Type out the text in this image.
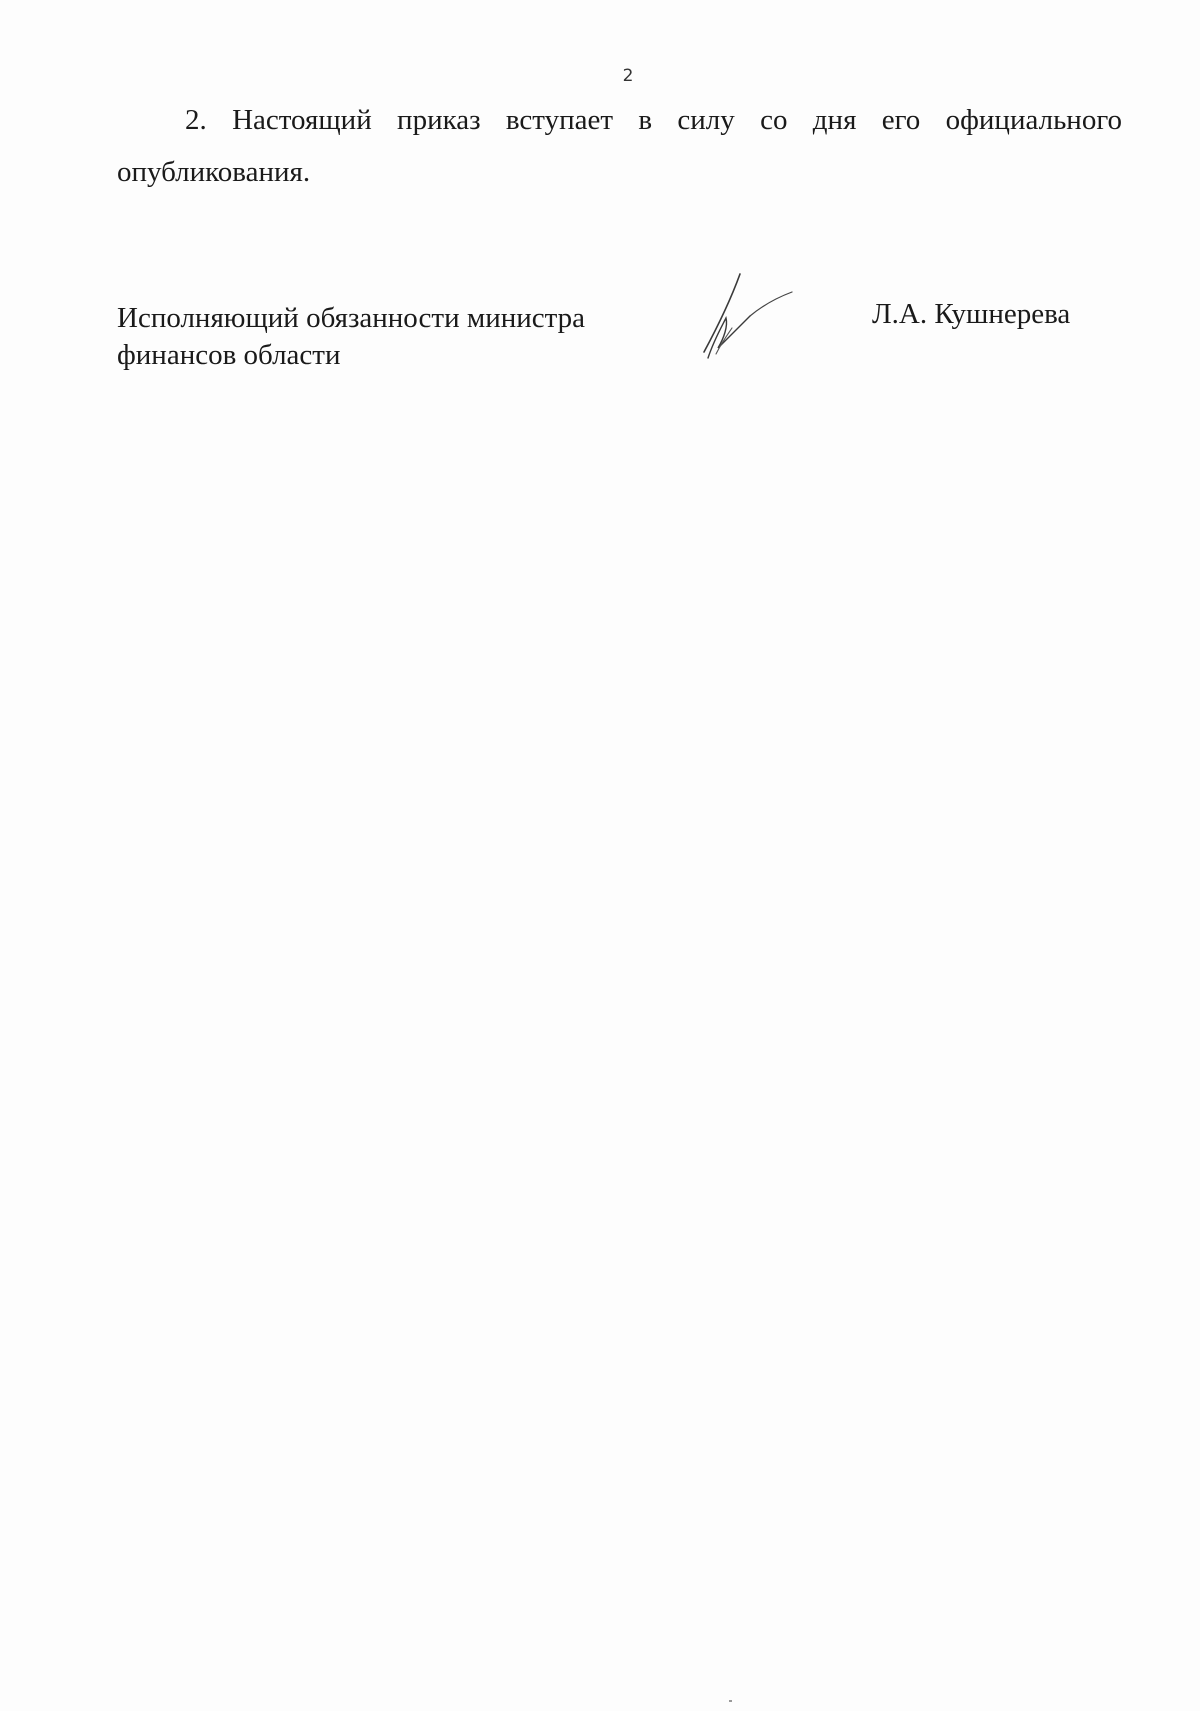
2

2. Настоящий приказ вступает в силу со дня его официального опубликования.

Исполняющий обязанности министра
финансов области
Л.А. Кушнерева
